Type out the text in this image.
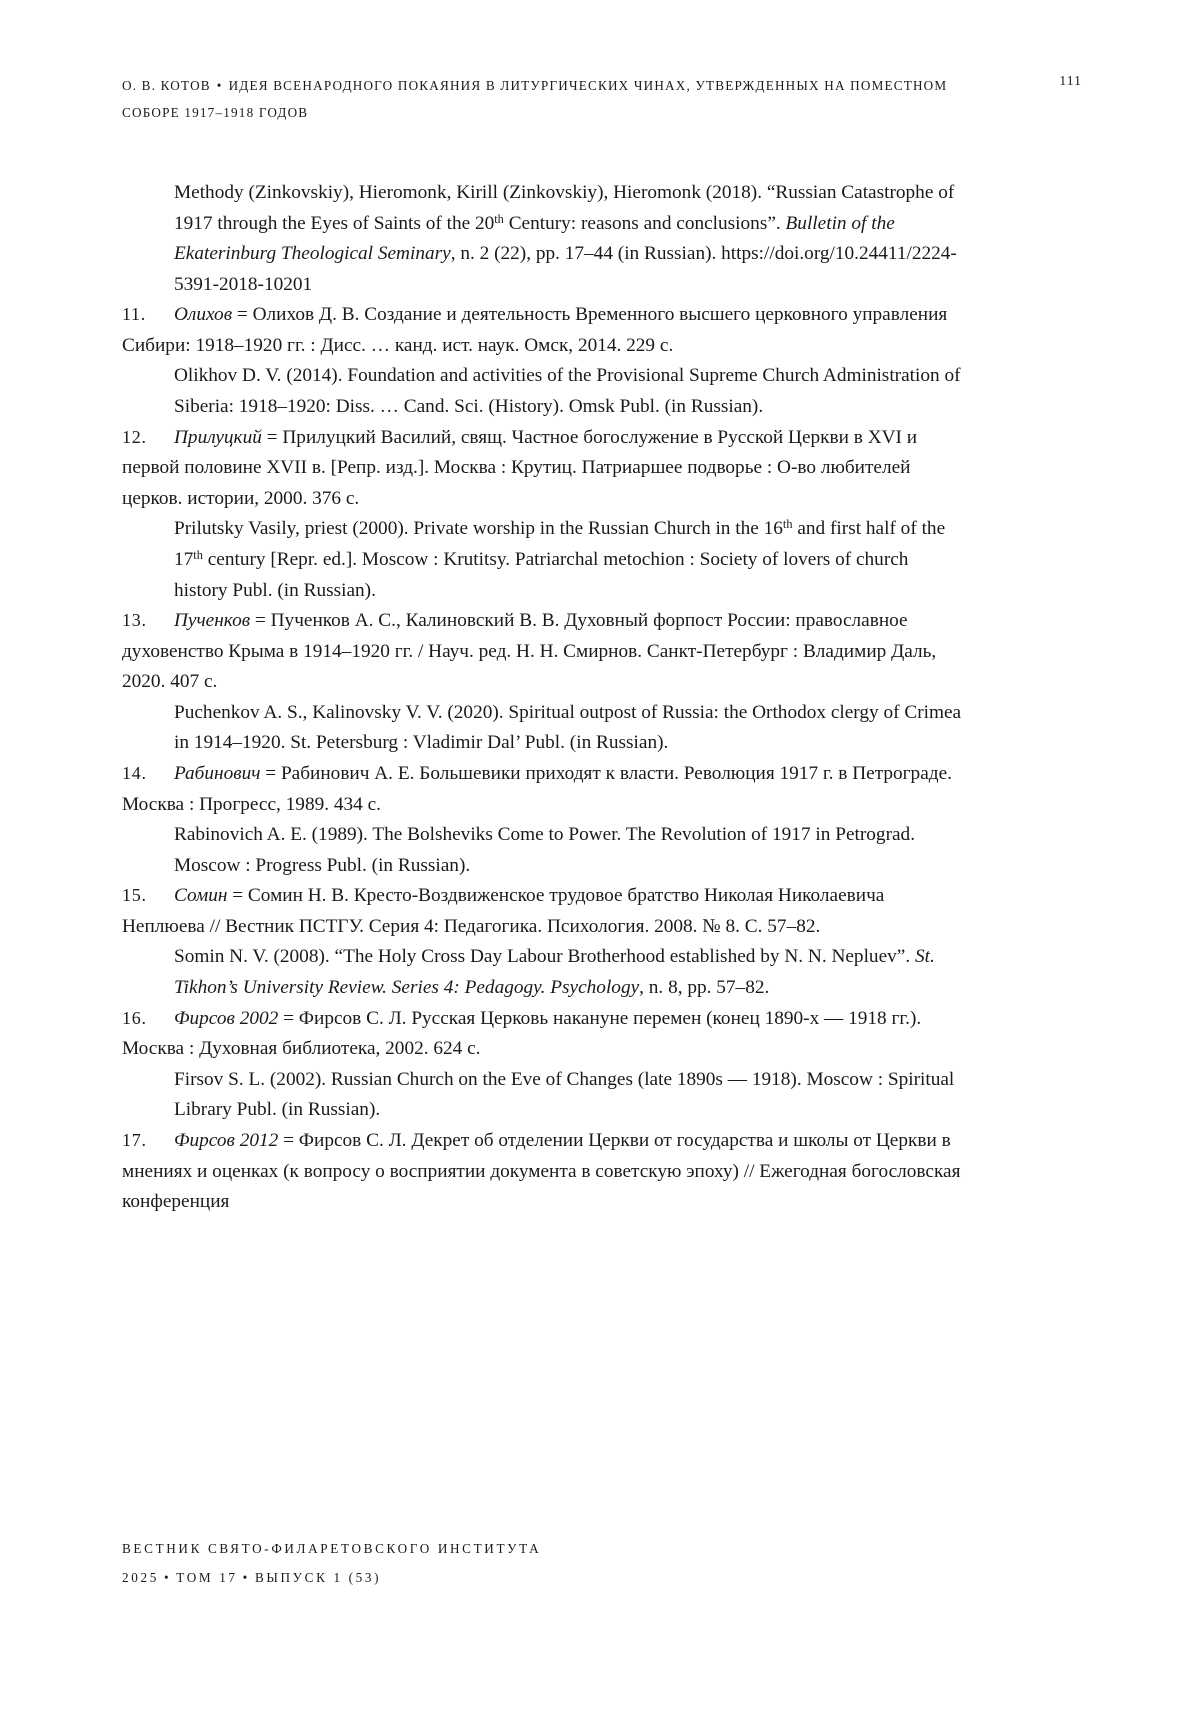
О. В. КОТОВ • ИДЕЯ ВСЕНАРОДНОГО ПОКАЯНИЯ В ЛИТУРГИЧЕСКИХ ЧИНАХ, УТВЕРЖДЕННЫХ НА ПОМЕСТНОМ СОБОРЕ 1917–1918 ГОДОВ
111
Methody (Zinkovskiy), Hieromonk, Kirill (Zinkovskiy), Hieromonk (2018). “Russian Catastrophe of 1917 through the Eyes of Saints of the 20th Century: reasons and conclusions”. Bulletin of the Ekaterinburg Theological Seminary, n. 2 (22), pp. 17–44 (in Russian). https://doi.org/10.24411/2224-5391-2018-10201
11.	Олихов = Олихов Д. В. Создание и деятельность Временного высшего церковного управления Сибири: 1918–1920 гг. : Дисс. … канд. ист. наук. Омск, 2014. 229 с.
Olikhov D. V. (2014). Foundation and activities of the Provisional Supreme Church Administration of Siberia: 1918–1920: Diss. … Cand. Sci. (History). Omsk Publ. (in Russian).
12.	Прилуцкий = Прилуцкий Василий, свящ. Частное богослужение в Русской Церкви в XVI и первой половине XVII в. [Репр. изд.]. Москва : Крутиц. Патриаршее подворье : О-во любителей церков. истории, 2000. 376 с.
Prilutsky Vasily, priest (2000). Private worship in the Russian Church in the 16th and first half of the 17th century [Repr. ed.]. Moscow : Krutitsy. Patriarchal metochion : Society of lovers of church history Publ. (in Russian).
13.	Пученков = Пученков А. С., Калиновский В. В. Духовный форпост России: православное духовенство Крыма в 1914–1920 гг. / Науч. ред. Н. Н. Смирнов. Санкт-Петербург : Владимир Даль, 2020. 407 с.
Puchenkov A. S., Kalinovsky V. V. (2020). Spiritual outpost of Russia: the Orthodox clergy of Crimea in 1914–1920. St. Petersburg : Vladimir Dal’ Publ. (in Russian).
14.	Рабинович = Рабинович А. Е. Большевики приходят к власти. Революция 1917 г. в Петрограде. Москва : Прогресс, 1989. 434 с.
Rabinovich A. E. (1989). The Bolsheviks Come to Power. The Revolution of 1917 in Petrograd. Moscow : Progress Publ. (in Russian).
15.	Сомин = Сомин Н. В. Кресто-Воздвиженское трудовое братство Николая Николаевича Неплюева // Вестник ПСТГУ. Серия 4: Педагогика. Психология. 2008. № 8. С. 57–82.
Somin N. V. (2008). “The Holy Cross Day Labour Brotherhood established by N. N. Nepluev”. St. Tikhon’s University Review. Series 4: Pedagogy. Psychology, n. 8, pp. 57–82.
16.	Фирсов 2002 = Фирсов С. Л. Русская Церковь накануне перемен (конец 1890-х — 1918 гг.). Москва : Духовная библиотека, 2002. 624 с.
Firsov S. L. (2002). Russian Church on the Eve of Changes (late 1890s — 1918). Moscow : Spiritual Library Publ. (in Russian).
17.	Фирсов 2012 = Фирсов С. Л. Декрет об отделении Церкви от государства и школы от Церкви в мнениях и оценках (к вопросу о восприятии документа в советскую эпоху) // Ежегодная богословская конференция
ВЕСТНИК СВЯТО-ФИЛАРЕТОВСКОГО ИНСТИТУТА
2025 • ТОМ 17 • ВЫПУСК 1 (53)
